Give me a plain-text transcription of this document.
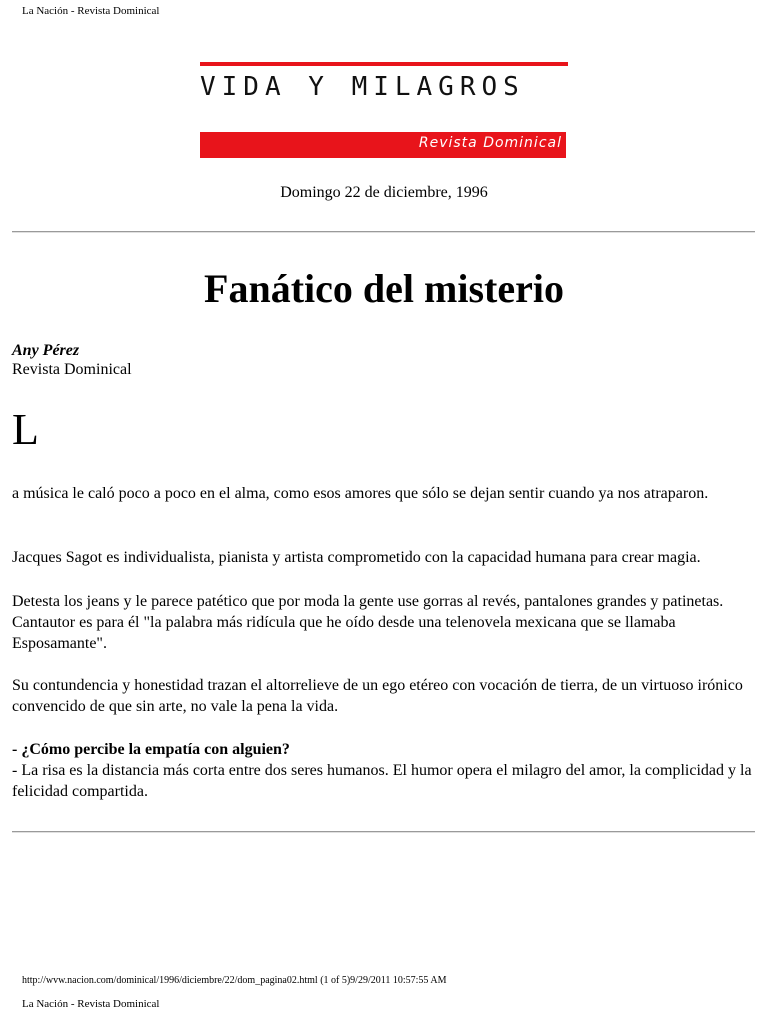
La Nación - Revista Dominical
VIDA Y MILAGROS
Revista Dominical
Domingo 22 de diciembre, 1996
Fanático del misterio
Any Pérez
Revista Dominical
L

a música le caló poco a poco en el alma, como esos amores que sólo se dejan sentir cuando ya nos atraparon.

Jacques Sagot es individualista, pianista y artista comprometido con la capacidad humana para crear magia.

Detesta los jeans y le parece patético que por moda la gente use gorras al revés, pantalones grandes y patinetas. Cantautor es para él "la palabra más ridícula que he oído desde una telenovela mexicana que se llamaba Esposamante".

Su contundencia y honestidad trazan el altorrelieve de un ego etéreo con vocación de tierra, de un virtuoso irónico convencido de que sin arte, no vale la pena la vida.

- ¿Cómo percibe la empatía con alguien?
- La risa es la distancia más corta entre dos seres humanos. El humor opera el milagro del amor, la complicidad y la felicidad compartida.
http://wvw.nacion.com/dominical/1996/diciembre/22/dom_pagina02.html (1 of 5)9/29/2011 10:57:55 AM
La Nación - Revista Dominical
